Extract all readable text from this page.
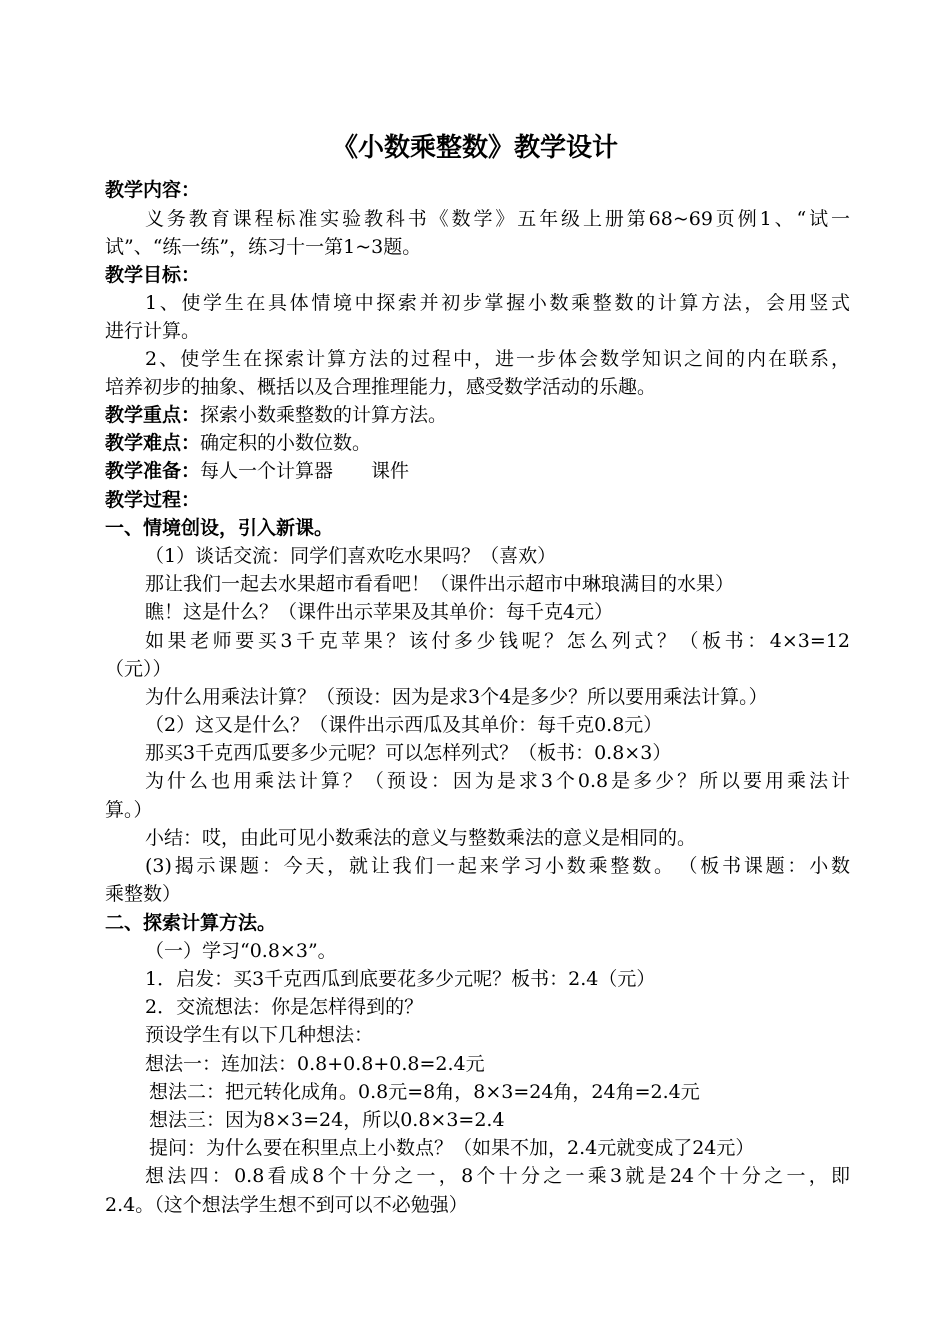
《小数乘整数》教学设计
教学内容：
义务教育课程标准实验教科书《数学》五年级上册第68~69页例1、“试一
试”、“练一练”，练习十一第1~3题。
教学目标：
1、使学生在具体情境中探索并初步掌握小数乘整数的计算方法，会用竖式
进行计算。
2、使学生在探索计算方法的过程中，进一步体会数学知识之间的内在联系，
培养初步的抽象、概括以及合理推理能力，感受数学活动的乐趣。
教学重点：探索小数乘整数的计算方法。
教学难点：确定积的小数位数。
教学准备：每人一个计算器　　课件
教学过程：
一、情境创设，引入新课。
（1）谈话交流：同学们喜欢吃水果吗？（喜欢）
那让我们一起去水果超市看看吧！（课件出示超市中琳琅满目的水果）
瞧！这是什么？（课件出示苹果及其单价：每千克4元）
如果老师要买3千克苹果？该付多少钱呢？怎么列式？（板书：4×3=12
（元））
为什么用乘法计算？（预设：因为是求3个4是多少？所以要用乘法计算。）
（2）这又是什么？（课件出示西瓜及其单价：每千克0.8元）
那买3千克西瓜要多少元呢？可以怎样列式？（板书：0.8×3）
为什么也用乘法计算？（预设：因为是求3个0.8是多少？所以要用乘法计
算。）
小结：哎，由此可见小数乘法的意义与整数乘法的意义是相同的。
(3)揭示课题：今天，就让我们一起来学习小数乘整数。　（板书课题：小数
乘整数）
二、探索计算方法。
（一）学习“0.8×3”。
1．启发：买3千克西瓜到底要花多少元呢？板书：2.4（元）
2．交流想法：你是怎样得到的？
预设学生有以下几种想法：
想法一：连加法：0.8+0.8+0.8=2.4元
想法二：把元转化成角。0.8元=8角，8×3=24角，24角=2.4元
想法三：因为8×3=24，所以0.8×3=2.4
提问：为什么要在积里点上小数点？（如果不加，2.4元就变成了24元）
想法四：0.8看成8个十分之一，8个十分之一乘3就是24个十分之一，即
2.4。（这个想法学生想不到可以不必勉强）
